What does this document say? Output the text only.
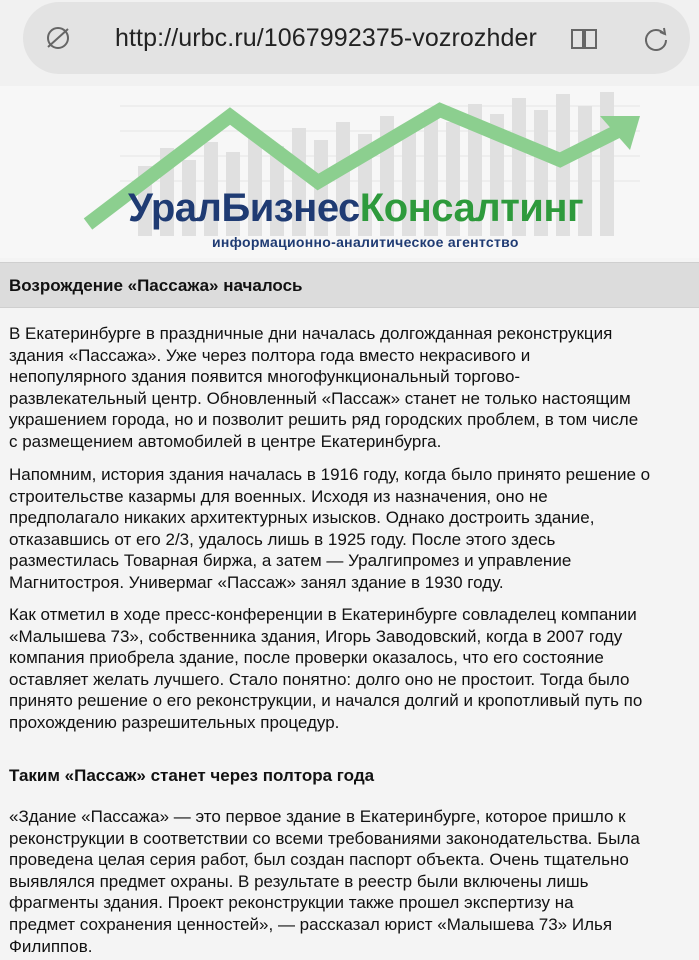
http://urbc.ru/1067992375-vozrozhder
УралБизнесКонсалтинг
информационно-аналитическое агентство
Возрождение «Пассажа» началось

В Екатеринбурге в праздничные дни началась долгожданная реконструкция
здания «Пассажа». Уже через полтора года вместо некрасивого и
непопулярного здания появится многофункциональный торгово-
развлекательный центр. Обновленный «Пассаж» станет не только настоящим
украшением города, но и позволит решить ряд городских проблем, в том числе
с размещением автомобилей в центре Екатеринбурга.

Напомним, история здания началась в 1916 году, когда было принято решение о
строительстве казармы для военных. Исходя из назначения, оно не
предполагало никаких архитектурных изысков. Однако достроить здание,
отказавшись от его 2/3, удалось лишь в 1925 году. После этого здесь
разместилась Товарная биржа, а затем — Уралгипромез и управление
Магнитостроя. Универмаг «Пассаж» занял здание в 1930 году.

Как отметил в ходе пресс-конференции в Екатеринбурге совладелец компании
«Малышева 73», собственника здания, Игорь Заводовский, когда в 2007 году
компания приобрела здание, после проверки оказалось, что его состояние
оставляет желать лучшего. Стало понятно: долго оно не простоит. Тогда было
принято решение о его реконструкции, и начался долгий и кропотливый путь по
прохождению разрешительных процедур.

Таким «Пассаж» станет через полтора года

«Здание «Пассажа» — это первое здание в Екатеринбурге, которое пришло к
реконструкции в соответствии со всеми требованиями законодательства. Была
проведена целая серия работ, был создан паспорт объекта. Очень тщательно
выявлялся предмет охраны. В результате в реестр были включены лишь
фрагменты здания. Проект реконструкции также прошел экспертизу на
предмет сохранения ценностей», — рассказал юрист «Малышева 73» Илья
Филиппов.
